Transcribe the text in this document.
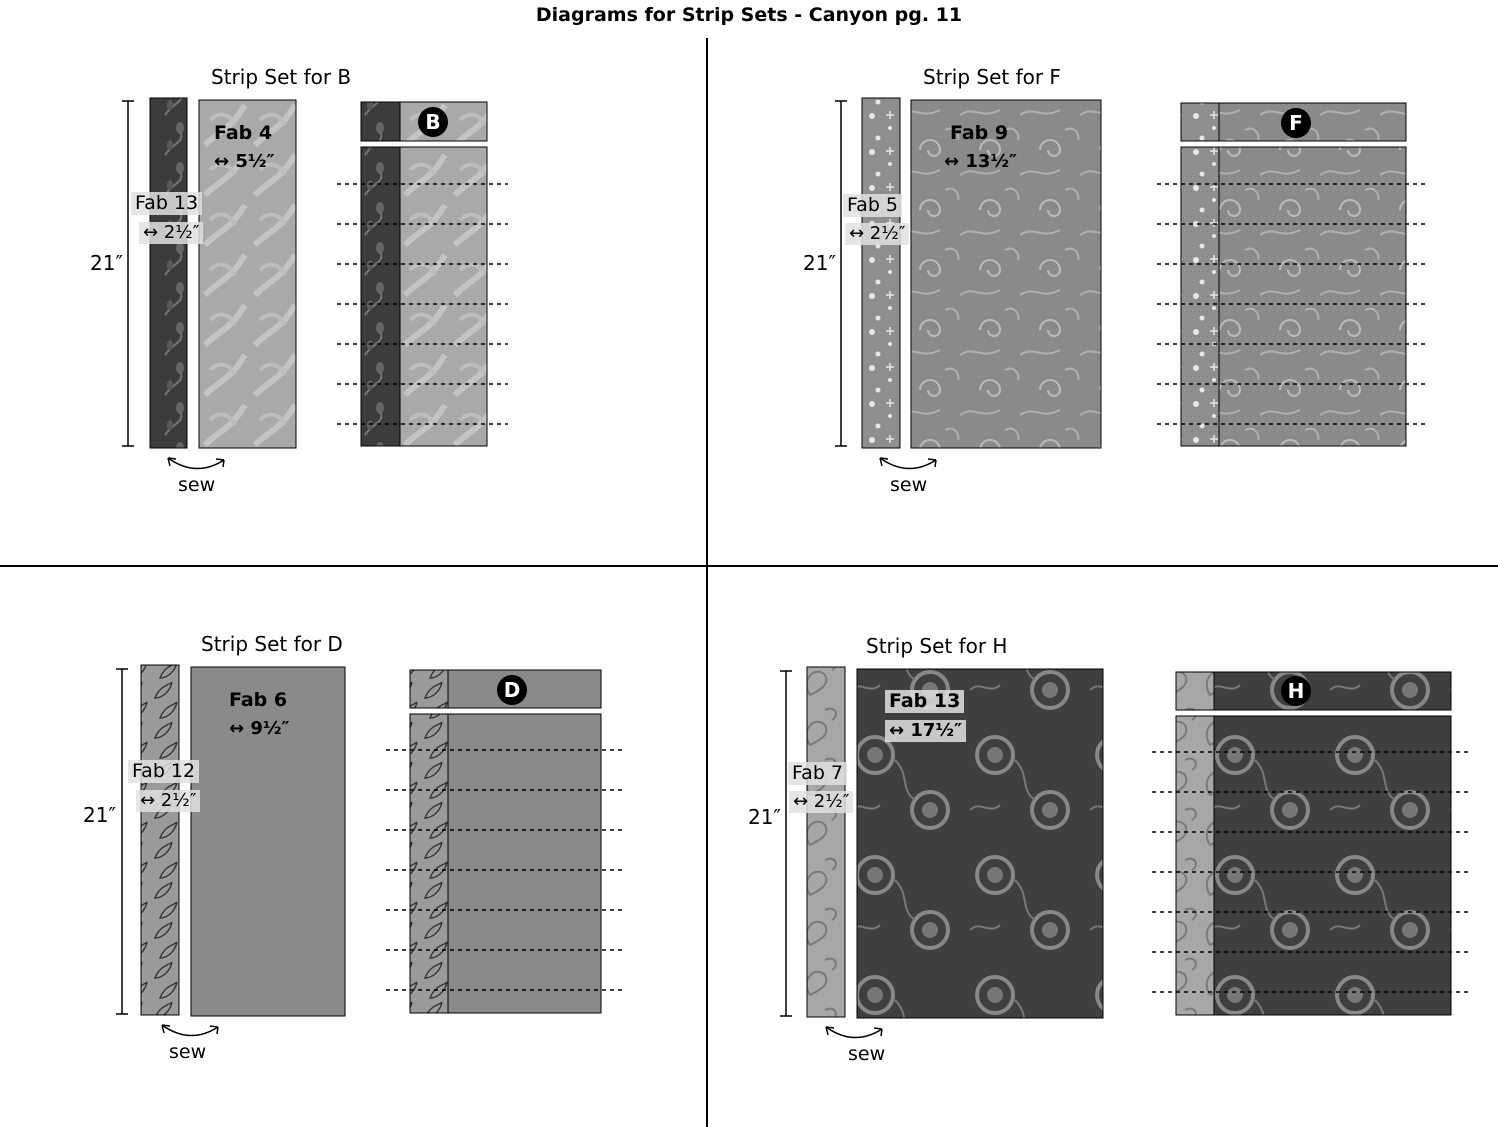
Diagrams for Strip Sets - Canyon pg. 11
Strip Set for B
Fab 4
↔ 5½″
Fab 13
↔ 2½″
21″
sew
B
Strip Set for F
Fab 9
↔ 13½″
Fab 5
↔ 2½″
21″
sew
F
Strip Set for D
Fab 6
↔ 9½″
Fab 12
↔ 2½″
21″
sew
D
Strip Set for H
Fab 13
↔ 17½″
Fab 7
↔ 2½″
21″
sew
H
